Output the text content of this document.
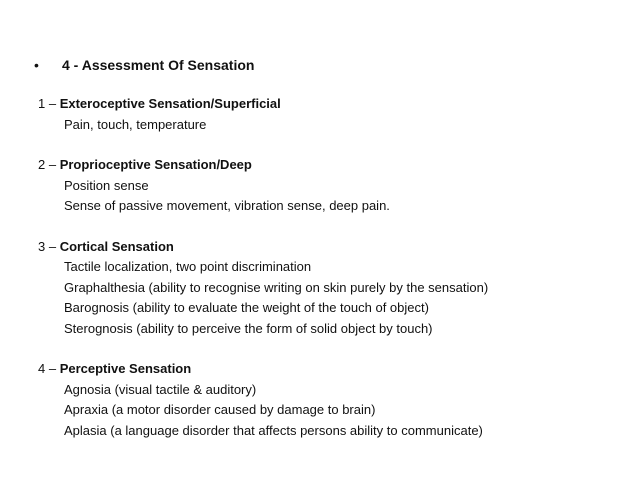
• 4 - Assessment Of Sensation
1 – Exteroceptive Sensation/Superficial
Pain, touch, temperature
2 – Proprioceptive Sensation/Deep
Position sense
Sense of passive movement, vibration sense, deep pain.
3 – Cortical Sensation
Tactile localization, two point discrimination
Graphalthesia (ability to recognise writing on skin purely by the sensation)
Barognosis (ability to evaluate the weight of the touch of object)
Sterognosis (ability to perceive the form of solid object by touch)
4 – Perceptive Sensation
Agnosia (visual tactile & auditory)
Apraxia (a motor disorder caused by damage to brain)
Aplasia (a language disorder that affects persons ability to communicate)
